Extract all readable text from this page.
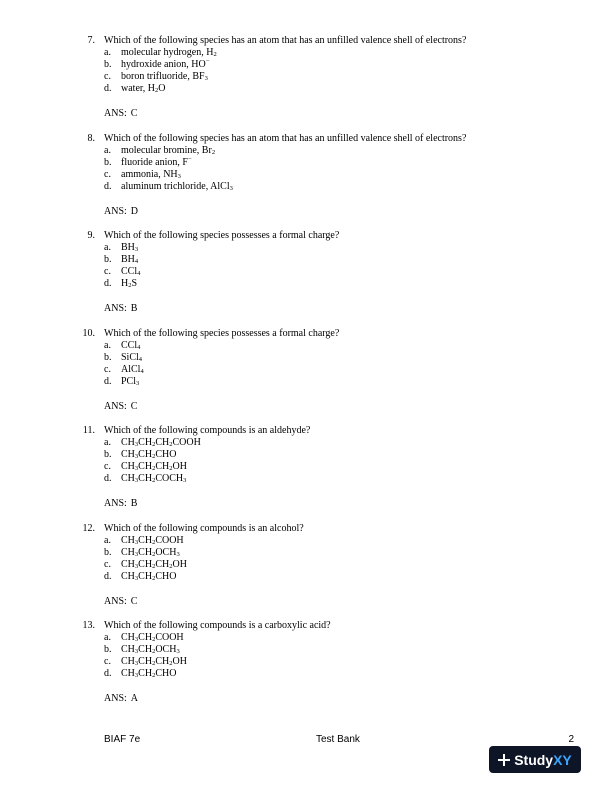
7. Which of the following species has an atom that has an unfilled valence shell of electrons?
a. molecular hydrogen, $H_2$
b. hydroxide anion, HO−
c. boron trifluoride, $BF_3$
d. water, $H_2O$
ANS: C
8. Which of the following species has an atom that has an unfilled valence shell of electrons?
a. molecular bromine, $Br_2$
b. fluoride anion, F−
c. ammonia, $NH_3$
d. aluminum trichloride, AlCl$_3$
ANS: D
9. Which of the following species possesses a formal charge?
a. $BH_3$
b. $BH_4$
c. CCl$_4$
d. $H_2S$
ANS: B
10. Which of the following species possesses a formal charge?
a. CCl$_4$
b. SiCl$_4$
c. AlCl$_4$
d. PCl$_3$
ANS: C
11. Which of the following compounds is an aldehyde?
a. $CH_3CH_2CH_2COOH$
b. $CH_3CH_2CHO$
c. $CH_3CH_2CH_2OH$
d. $CH_3CH_2COCH_3$
ANS: B
12. Which of the following compounds is an alcohol?
a. $CH_3CH_2COOH$
b. $CH_3CH_2OCH_3$
c. $CH_3CH_2CH_2OH$
d. $CH_3CH_2CHO$
ANS: C
13. Which of the following compounds is a carboxylic acid?
a. $CH_3CH_2COOH$
b. $CH_3CH_2OCH_3$
c. $CH_3CH_2CH_2OH$
d. $CH_3CH_2CHO$
ANS: A
BIAF 7e	Test Bank	2
Study XY
